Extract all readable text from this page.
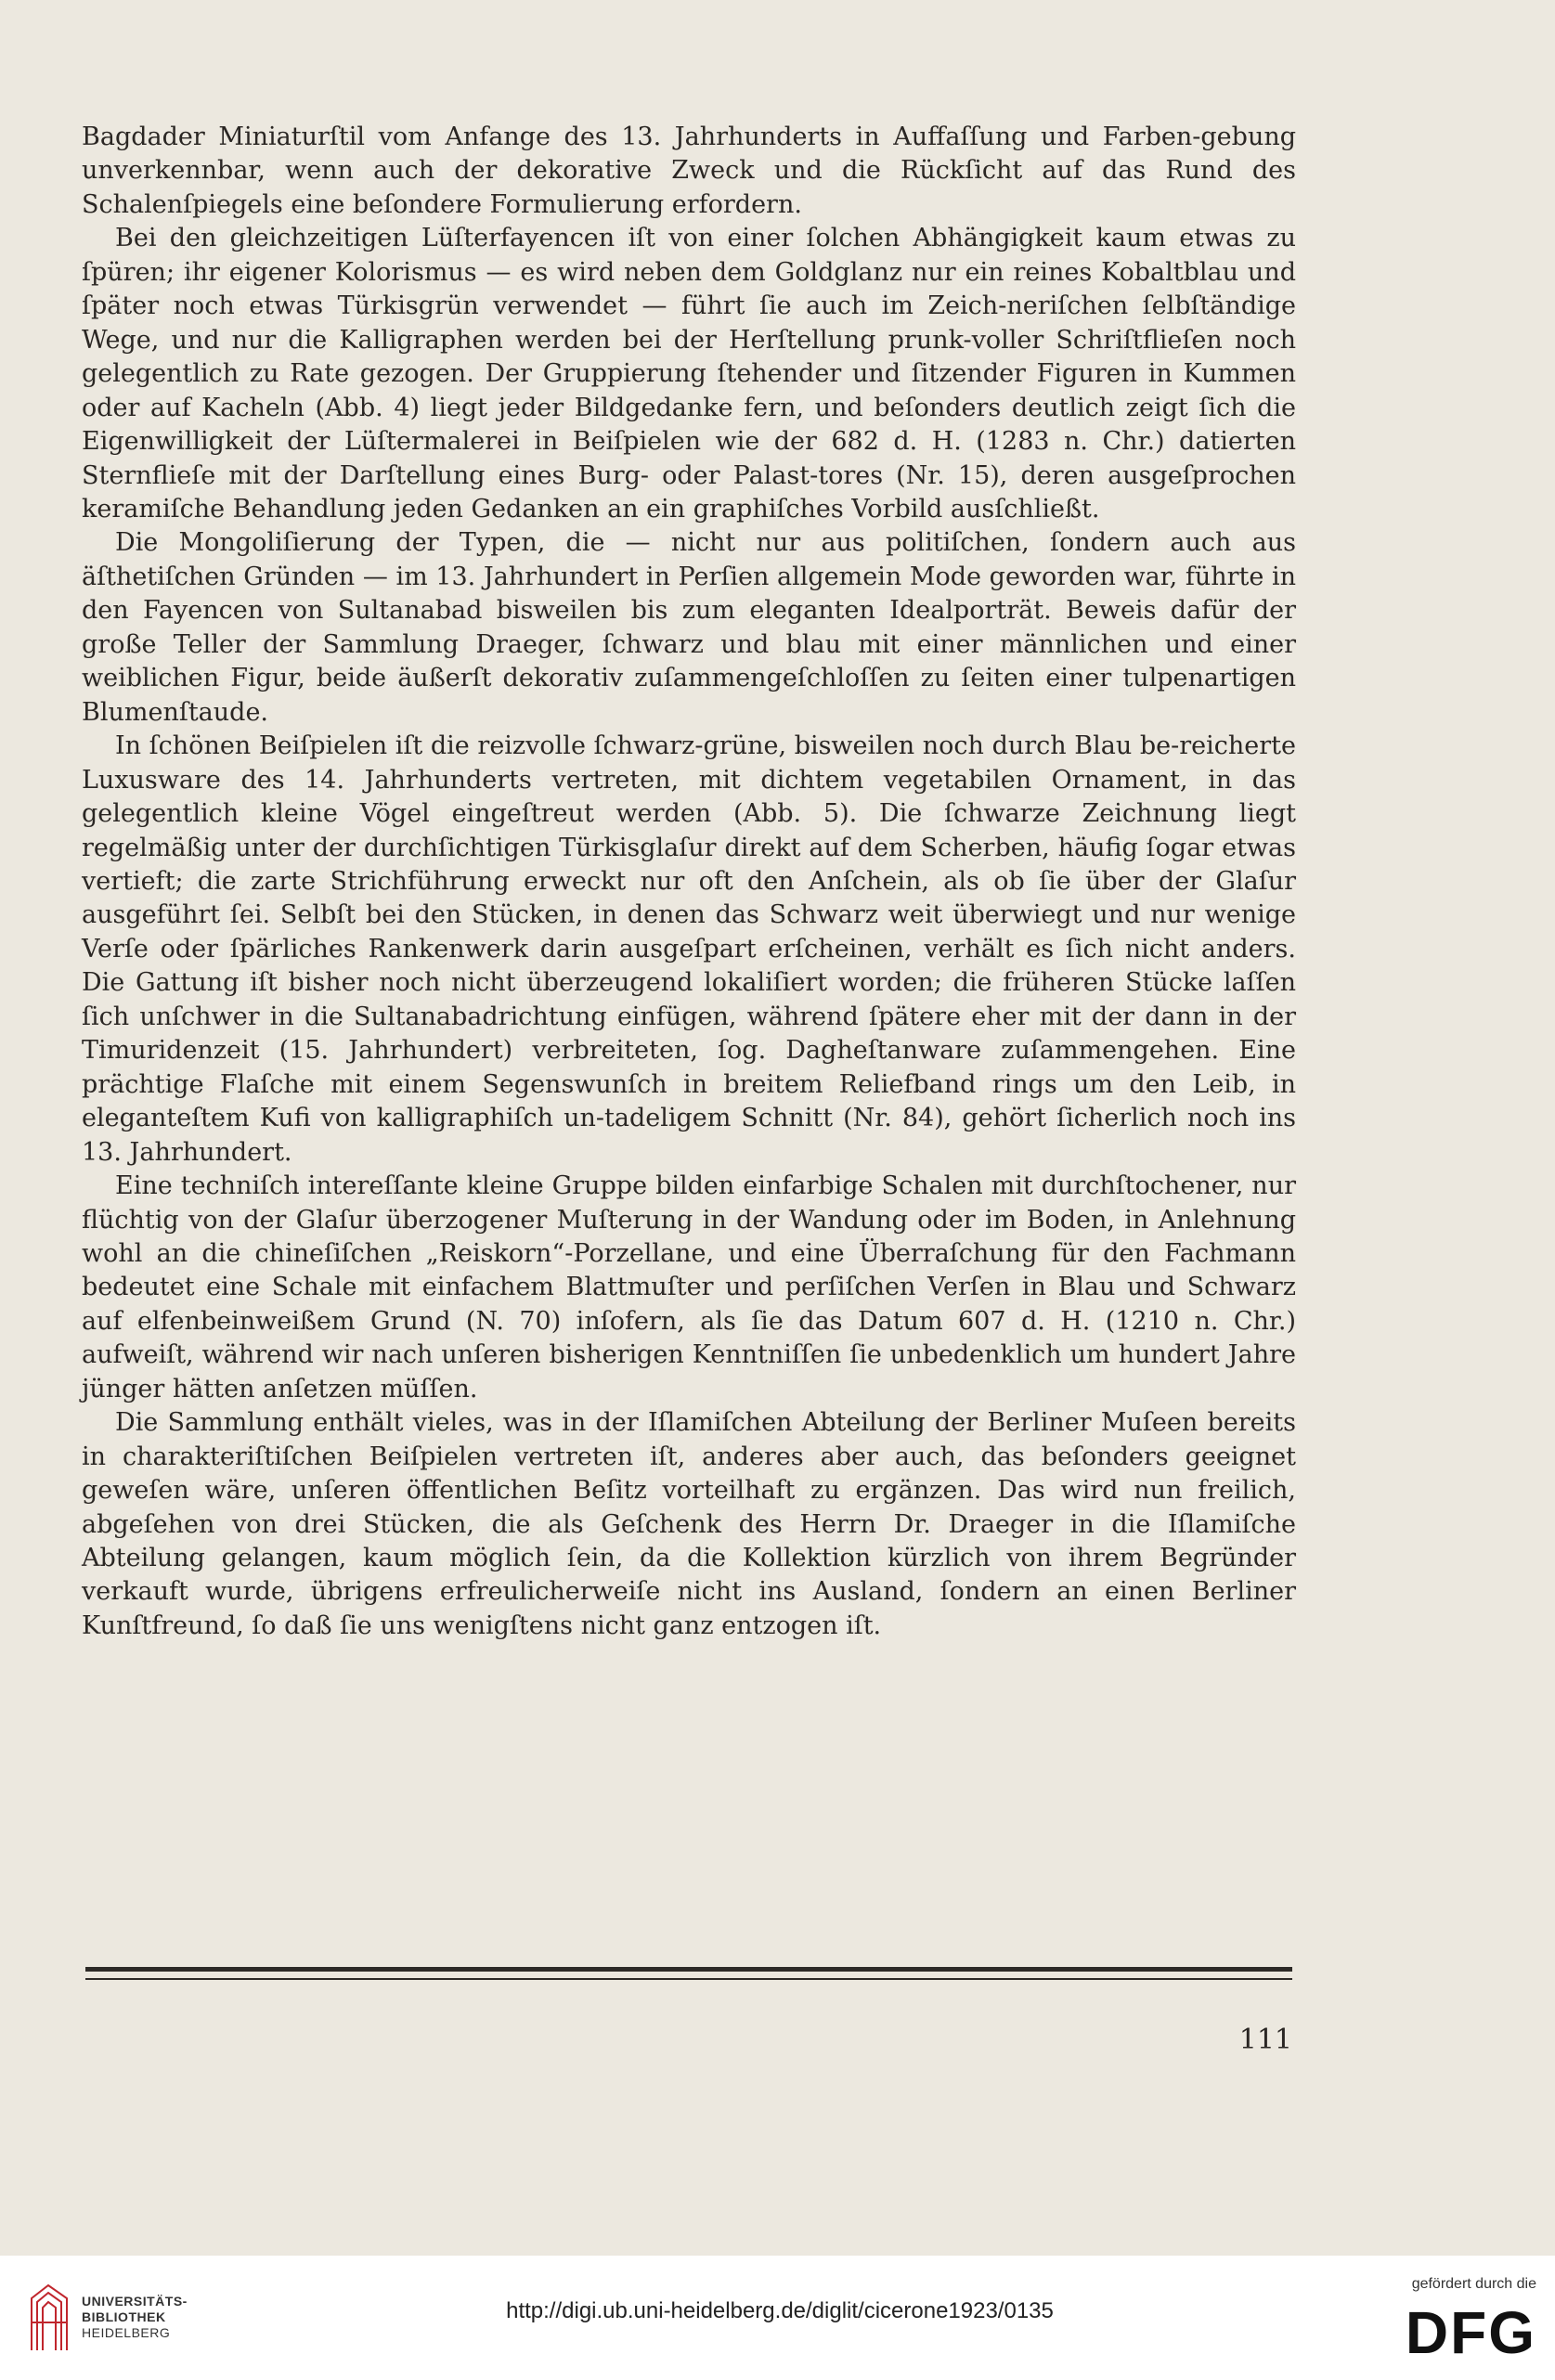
Bagdader Miniaturſtil vom Anfange des 13. Jahrhunderts in Auffaſſung und Farben-gebung unverkennbar, wenn auch der dekorative Zweck und die Rückſicht auf das Rund des Schalenſpiegels eine beſondere Formulierung erfordern.

Bei den gleichzeitigen Lüſterfayencen iſt von einer ſolchen Abhängigkeit kaum etwas zu ſpüren; ihr eigener Kolorismus — es wird neben dem Goldglanz nur ein reines Kobaltblau und ſpäter noch etwas Türkisgrün verwendet — führt ſie auch im Zeich-neriſchen ſelbſtändige Wege, und nur die Kalligraphen werden bei der Herſtellung prunk-voller Schriſtflieſen noch gelegentlich zu Rate gezogen. Der Gruppierung ſtehender und ſitzender Figuren in Kummen oder auf Kacheln (Abb. 4) liegt jeder Bildgedanke fern, und beſonders deutlich zeigt ſich die Eigenwilligkeit der Lüſtermalerei in Beiſpielen wie der 682 d. H. (1283 n. Chr.) datierten Sternflieſe mit der Darſtellung eines Burg- oder Palast-tores (Nr. 15), deren ausgeſprochen keramiſche Behandlung jeden Gedanken an ein graphiſches Vorbild ausſchließt.

Die Mongoliſierung der Typen, die — nicht nur aus politiſchen, ſondern auch aus äſthetiſchen Gründen — im 13. Jahrhundert in Perſien allgemein Mode geworden war, führte in den Fayencen von Sultanabad bisweilen bis zum eleganten Idealporträt. Beweis dafür der große Teller der Sammlung Draeger, ſchwarz und blau mit einer männlichen und einer weiblichen Figur, beide äußerſt dekorativ zuſammengeſchloſſen zu ſeiten einer tulpenartigen Blumenſtaude.

In ſchönen Beiſpielen iſt die reizvolle ſchwarz-grüne, bisweilen noch durch Blau be-reicherte Luxusware des 14. Jahrhunderts vertreten, mit dichtem vegetabilen Ornament, in das gelegentlich kleine Vögel eingeſtreut werden (Abb. 5). Die ſchwarze Zeichnung liegt regelmäßig unter der durchſichtigen Türkisglaſur direkt auf dem Scherben, häufig ſogar etwas vertieft; die zarte Strichführung erweckt nur oft den Anſchein, als ob ſie über der Glaſur ausgeführt ſei. Selbſt bei den Stücken, in denen das Schwarz weit überwiegt und nur wenige Verſe oder ſpärliches Rankenwerk darin ausgeſpart erſcheinen, verhält es ſich nicht anders. Die Gattung iſt bisher noch nicht überzeugend lokaliſiert worden; die früheren Stücke laſſen ſich unſchwer in die Sultanabadrichtung einfügen, während ſpätere eher mit der dann in der Timuridenzeit (15. Jahrhundert) verbreiteten, ſog. Dagheſtanware zuſammengehen. Eine prächtige Flaſche mit einem Segenswunſch in breitem Reliefband rings um den Leib, in eleganteſtem Kufi von kalligraphiſch un-tadeligem Schnitt (Nr. 84), gehört ſicherlich noch ins 13. Jahrhundert.

Eine techniſch intereſſante kleine Gruppe bilden einfarbige Schalen mit durchſtochener, nur flüchtig von der Glaſur überzogener Muſterung in der Wandung oder im Boden, in Anlehnung wohl an die chineſiſchen „Reiskorn“-Porzellane, und eine Überraſchung für den Fachmann bedeutet eine Schale mit einfachem Blattmuſter und perſiſchen Verſen in Blau und Schwarz auf elfenbeinweißem Grund (N. 70) inſofern, als ſie das Datum 607 d. H. (1210 n. Chr.) aufweiſt, während wir nach unſeren bisherigen Kenntniſſen ſie unbedenklich um hundert Jahre jünger hätten anſetzen müſſen.

Die Sammlung enthält vieles, was in der Iſlamiſchen Abteilung der Berliner Muſeen bereits in charakteriſtiſchen Beiſpielen vertreten iſt, anderes aber auch, das beſonders geeignet geweſen wäre, unſeren öffentlichen Beſitz vorteilhaft zu ergänzen. Das wird nun freilich, abgeſehen von drei Stücken, die als Geſchenk des Herrn Dr. Draeger in die Iſlamiſche Abteilung gelangen, kaum möglich ſein, da die Kollektion kürzlich von ihrem Begründer verkauft wurde, übrigens erfreulicherweiſe nicht ins Ausland, ſondern an einen Berliner Kunſtfreund, ſo daß ſie uns wenigſtens nicht ganz entzogen iſt.

111
UNIVERSITÄTS-
BIBLIOTHEK
HEIDELBERG
http://digi.ub.uni-heidelberg.de/diglit/cicerone1923/0135
gefördert durch die
DFG
